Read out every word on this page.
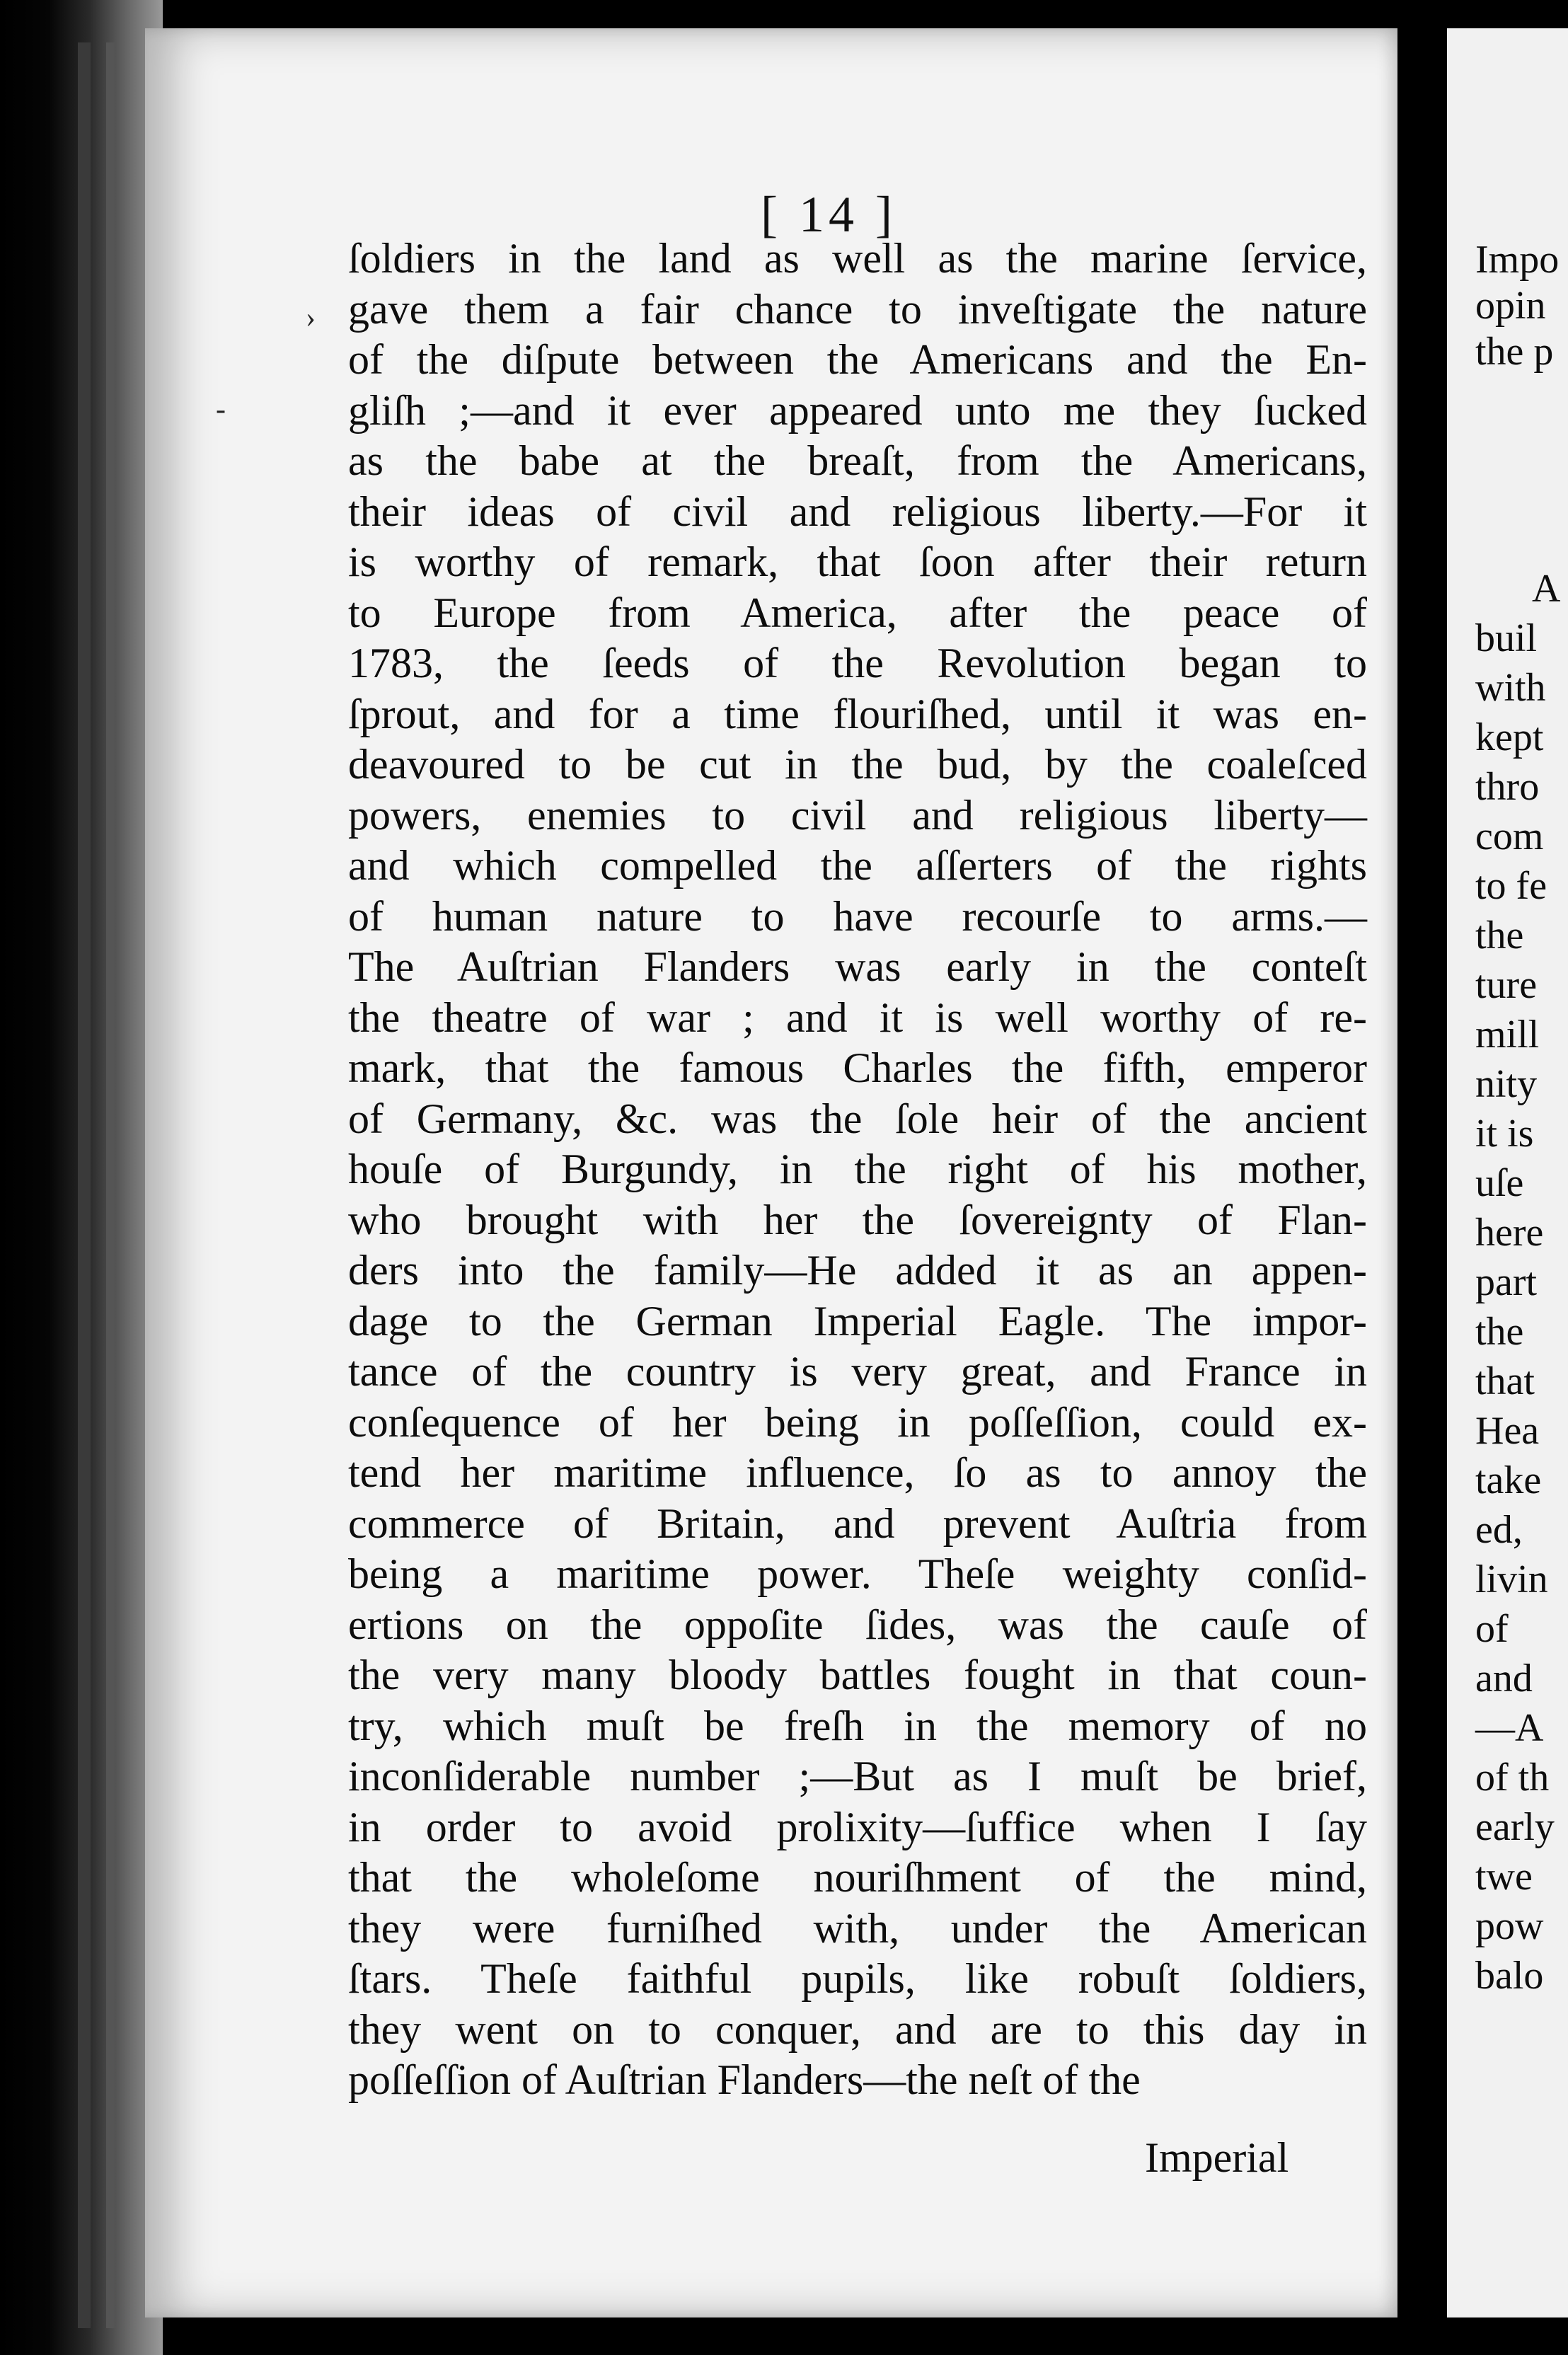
[ 14 ]
›
-
ſoldiers in the land as well as the marine ſervice,
gave them a fair chance to inveſtigate the nature
of the diſpute between the Americans and the En-
gliſh ;—and it ever appeared unto me they ſucked
as the babe at the breaſt, from the Americans,
their ideas of civil and religious liberty.—For it
is worthy of remark, that ſoon after their return
to Europe from America, after the peace of
1783, the ſeeds of the Revolution began to
ſprout, and for a time flouriſhed, until it was en-
deavoured to be cut in the bud, by the coaleſced
powers, enemies to civil and religious liberty—
and which compelled the aſſerters of the rights
of human nature to have recourſe to arms.—
The Auſtrian Flanders was early in the conteſt
the theatre of war ; and it is well worthy of re-
mark, that the famous Charles the fifth, emperor
of Germany, &c. was the ſole heir of the ancient
houſe of Burgundy, in the right of his mother,
who brought with her the ſovereignty of Flan-
ders into the family—He added it as an appen-
dage to the German Imperial Eagle. The impor-
tance of the country is very great, and France in
conſequence of her being in poſſeſſion, could ex-
tend her maritime influence, ſo as to annoy the
commerce of Britain, and prevent Auſtria from
being a maritime power. Theſe weighty conſid-
ertions on the oppoſite ſides, was the cauſe of
the very many bloody battles fought in that coun-
try, which muſt be freſh in the memory of no
inconſiderable number ;—But as I muſt be brief,
in order to avoid prolixity—ſuffice when I ſay
that the wholeſome nouriſhment of the mind,
they were furniſhed with, under the American
ſtars. Theſe faithful pupils, like robuſt ſoldiers,
they went on to conquer, and are to this day in
poſſeſſion of Auſtrian Flanders—the neſt of the
Imperial
Impo
opin
the p
A
buil
with
kept
thro
com
to fe
the
ture
mill
nity
it is
uſe
here
part
the
that
Hea
take
ed,
livin
of
and
—A
of th
early
twe
pow
balo
